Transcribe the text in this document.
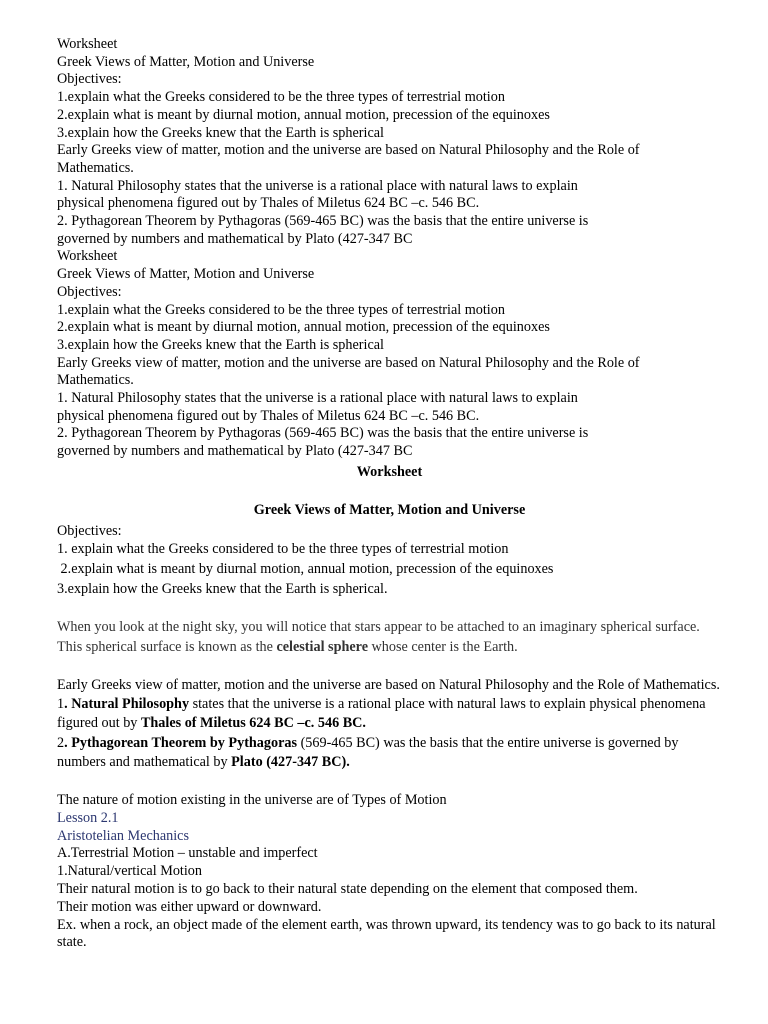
Worksheet
Greek Views of Matter, Motion and Universe
Objectives:
1.explain what the Greeks considered to be the three types of terrestrial motion
2.explain what is meant by diurnal motion, annual motion, precession of the equinoxes
3.explain how the Greeks knew that the Earth is spherical
Early Greeks view of matter, motion and the universe are based on Natural Philosophy and the Role of
Mathematics.
1. Natural Philosophy states that the universe is a rational place with natural laws to explain
physical phenomena figured out by Thales of Miletus 624 BC –c. 546 BC.
2. Pythagorean Theorem by Pythagoras (569-465 BC) was the basis that the entire universe is
governed by numbers and mathematical by Plato (427-347 BC
Worksheet
Greek Views of Matter, Motion and Universe
Objectives:
1.explain what the Greeks considered to be the three types of terrestrial motion
2.explain what is meant by diurnal motion, annual motion, precession of the equinoxes
3.explain how the Greeks knew that the Earth is spherical
Early Greeks view of matter, motion and the universe are based on Natural Philosophy and the Role of
Mathematics.
1. Natural Philosophy states that the universe is a rational place with natural laws to explain
physical phenomena figured out by Thales of Miletus 624 BC –c. 546 BC.
2. Pythagorean Theorem by Pythagoras (569-465 BC) was the basis that the entire universe is
governed by numbers and mathematical by Plato (427-347 BC
Worksheet
Greek Views of Matter, Motion and Universe
Objectives:
1. explain what the Greeks considered to be the three types of terrestrial motion
2.explain what is meant by diurnal motion, annual motion, precession of the equinoxes
3.explain how the Greeks knew that the Earth is spherical.
When you look at the night sky, you will notice that stars appear to be attached to an imaginary spherical surface. This spherical surface is known as the celestial sphere whose center is the Earth.
Early Greeks view of matter, motion and the universe are based on Natural Philosophy and the Role of Mathematics.
1. Natural Philosophy states that the universe is a rational place with natural laws to explain physical phenomena figured out by Thales of Miletus 624 BC –c. 546 BC.
2. Pythagorean Theorem by Pythagoras (569-465 BC) was the basis that the entire universe is governed by numbers and mathematical by Plato (427-347 BC).
The nature of motion existing in the universe are of Types of Motion
Lesson 2.1
Aristotelian Mechanics
A.Terrestrial Motion – unstable and imperfect
1.Natural/vertical Motion
Their natural motion is to go back to their natural state depending on the element that composed them.
Their motion was either upward or downward.
Ex. when a rock, an object made of the element earth, was thrown upward, its tendency was to go back to its natural state.
